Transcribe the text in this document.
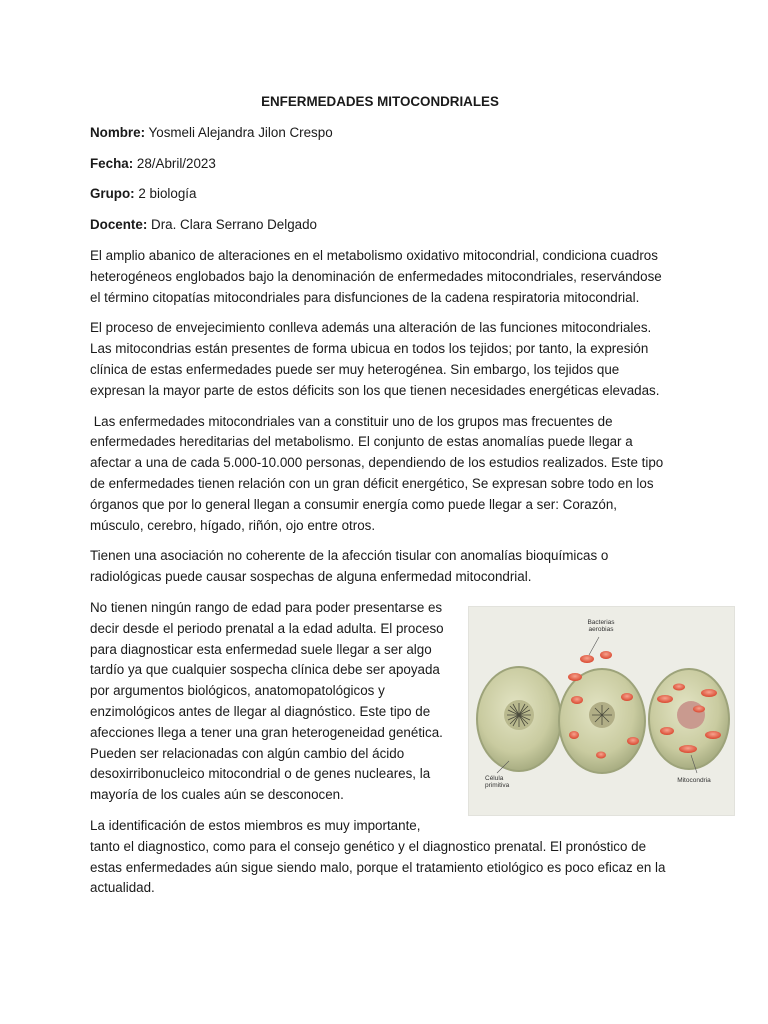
ENFERMEDADES MITOCONDRIALES
Nombre: Yosmeli Alejandra Jilon Crespo
Fecha: 28/Abril/2023
Grupo: 2 biología
Docente: Dra. Clara Serrano Delgado

El amplio abanico de alteraciones en el metabolismo oxidativo mitocondrial, condiciona cuadros heterogéneos englobados bajo la denominación de enfermedades mitocondriales, reservándose el término citopatías mitocondriales para disfunciones de la cadena respiratoria mitocondrial.

El proceso de envejecimiento conlleva además una alteración de las funciones mitocondriales. Las mitocondrias están presentes de forma ubicua en todos los tejidos; por tanto, la expresión clínica de estas enfermedades puede ser muy heterogénea. Sin embargo, los tejidos que expresan la mayor parte de estos déficits son los que tienen necesidades energéticas elevadas.

Las enfermedades mitocondriales van a constituir uno de los grupos mas frecuentes de enfermedades hereditarias del metabolismo. El conjunto de estas anomalías puede llegar a afectar a una de cada 5.000-10.000 personas, dependiendo de los estudios realizados. Este tipo de enfermedades tienen relación con un gran déficit energético, Se expresan sobre todo en los órganos que por lo general llegan a consumir energía como puede llegar a ser: Corazón, músculo, cerebro, hígado, riñón, ojo entre otros.

Tienen una asociación no coherente de la afección tisular con anomalías bioquímicas o radiológicas puede causar sospechas de alguna enfermedad mitocondrial.

No tienen ningún rango de edad para poder presentarse es decir desde el periodo prenatal a la edad adulta. El proceso para diagnosticar esta enfermedad suele llegar a ser algo tardío ya que cualquier sospecha clínica debe ser apoyada por argumentos biológicos, anatomopatológicos y enzimológicos antes de llegar al diagnóstico. Este tipo de afecciones llega a tener una gran heterogeneidad genética. Pueden ser relacionadas con algún cambio del ácido desoxirribonucleico mitocondrial o de genes nucleares, la mayoría de los cuales aún se desconocen.

Bacterias aerobias
Célula primitiva
Mitocondria

La identificación de estos miembros es muy importante,
tanto el diagnostico, como para el consejo genético y el diagnostico prenatal. El pronóstico de estas enfermedades aún sigue siendo malo, porque el tratamiento etiológico es poco eficaz en la actualidad.
